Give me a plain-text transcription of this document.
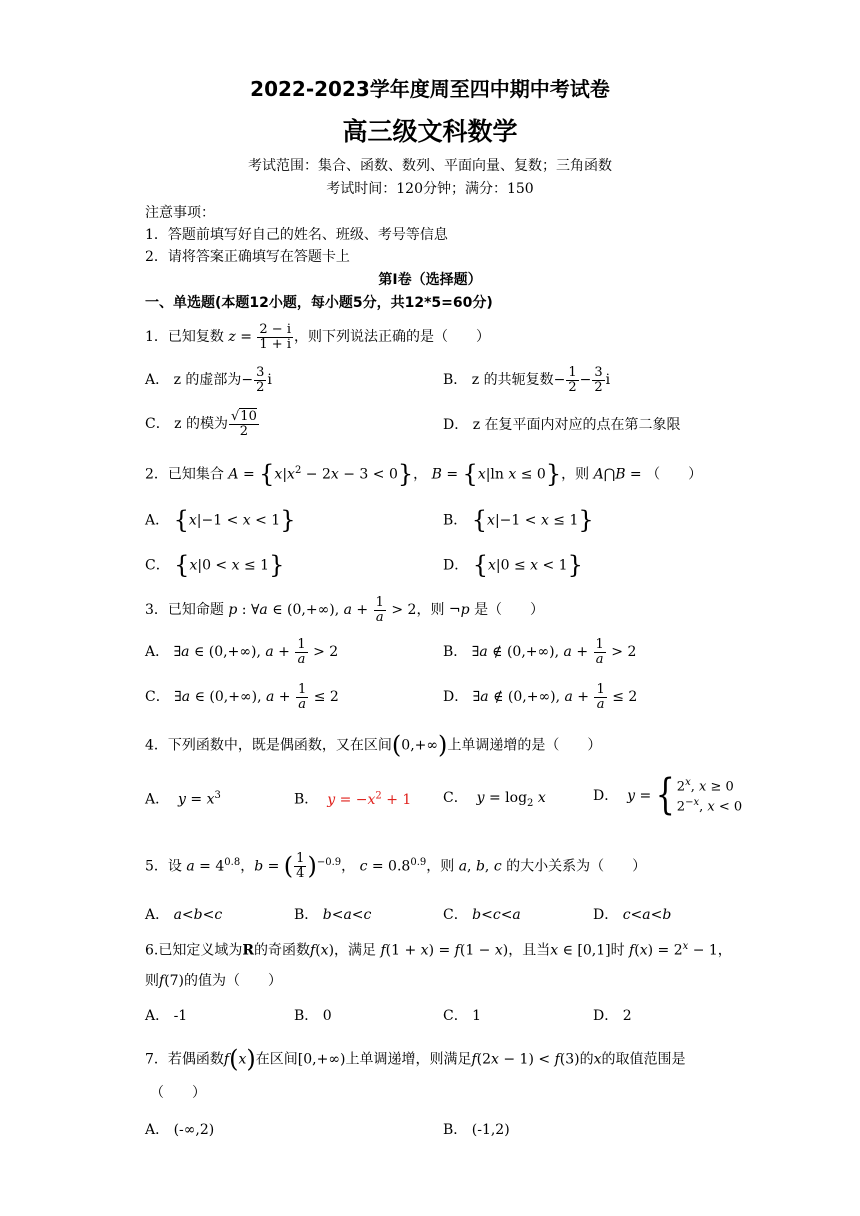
2022-2023学年度周至四中期中考试卷
高三级文科数学
考试范围：集合、函数、数列、平面向量、复数；三角函数
考试时间：120分钟；满分：150
注意事项：
1．答题前填写好自己的姓名、班级、考号等信息
2．请将答案正确填写在答题卡上
第I卷（选择题）
一、单选题(本题12小题，每小题5分，共12*5=60分)
1．已知复数 $z = \frac{2 - i}{1 + i}$ ，则下列说法正确的是（　　）
A． z 的虚部为− $\frac{3}{2}$ i	B． z 的共轭复数− $\frac{1}{2} - \frac{3}{2}$ i
C． z 的模为 $\frac{√10}{2}$	D． z 在复平面内对应的点在第二象限
2．已知集合 $A = \{x|x^2 - 2x - 3 < 0\}$， B = {x|ln x ≤ 0}，则 A⋂B = （　　）
A． {x|−1 < x < 1}	B． {x|−1 < x ≤ 1}
C． {x|0 < x ≤ 1}	D． {x|0 ≤ x < 1}
3．已知命题 p : ∀a ∈ (0,+∞), $a + \frac{1}{a} > 2$，则 ¬p 是（　　）
A． ∃a ∈ (0,+∞), $a + \frac{1}{a} > 2$	B． ∃a ∉ (0,+∞), $a + \frac{1}{a} > 2$
C． ∃a ∈ (0,+∞), $a + \frac{1}{a} \le 2$	D． ∃a ∉ (0,+∞), $a + \frac{1}{a} \le 2$
4．下列函数中，既是偶函数，又在区间(0,+∞)上单调递增的是（　　）
A． $y = x^3$	B． $y = -x^2 + 1$ C． $y = \log_2 x$	D． y = { 2$^x$, x ≥ 0
$2^{-x}$, x < 0
5．设 $a = 4^{0.8}$，b = ( $\frac{1}{4} )^{-0.9}$， $c = 0.8^{0.9}$，则 a, b, c 的大小关系为（　　）
A． a<b<c	B． b<a<c	C． b<c<a	D． c<a<b
6.已知定义域为R的奇函数f(x)，满足 f(1 + x) = f(1 − x)，且当x ∈ [0,1]时 $f(x) = 2^x - 1$，
则f(7)的值为（　　）
A． -1	B． 0	C． 1	D． 2
7．若偶函数f(x)在区间[0,+∞)上单调递增，则满足f(2x − 1) < f(3)的x的取值范围是
（　　）
A． (-∞,2)	B． (-1,2)
